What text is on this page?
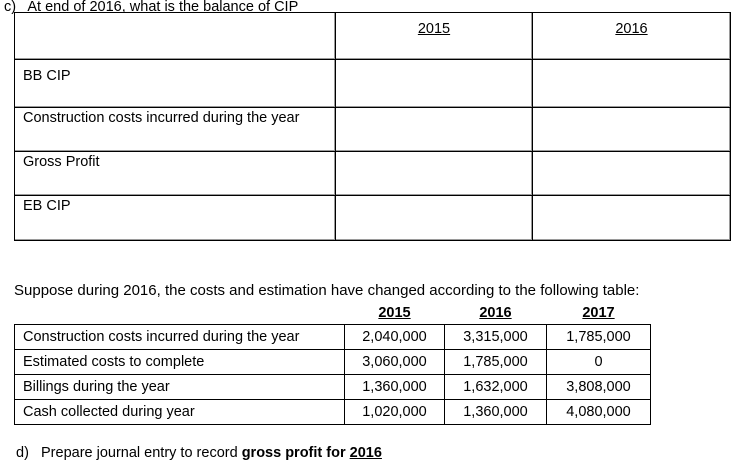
c) At end of 2016, what is the balance of CIP

	2015	2016

BB CIP		

Construction costs incurred during the year		

Gross Profit		

EB CIP		

Suppose during 2016, the costs and estimation have changed according to the following table:
	2015	2016	2017
Construction costs incurred during the year	2,040,000	3,315,000	1,785,000
Estimated costs to complete	3,060,000	1,785,000	0
Billings during the year	1,360,000	1,632,000	3,808,000
Cash collected during year	1,020,000	1,360,000	4,080,000
d) Prepare journal entry to record gross profit for 2016
